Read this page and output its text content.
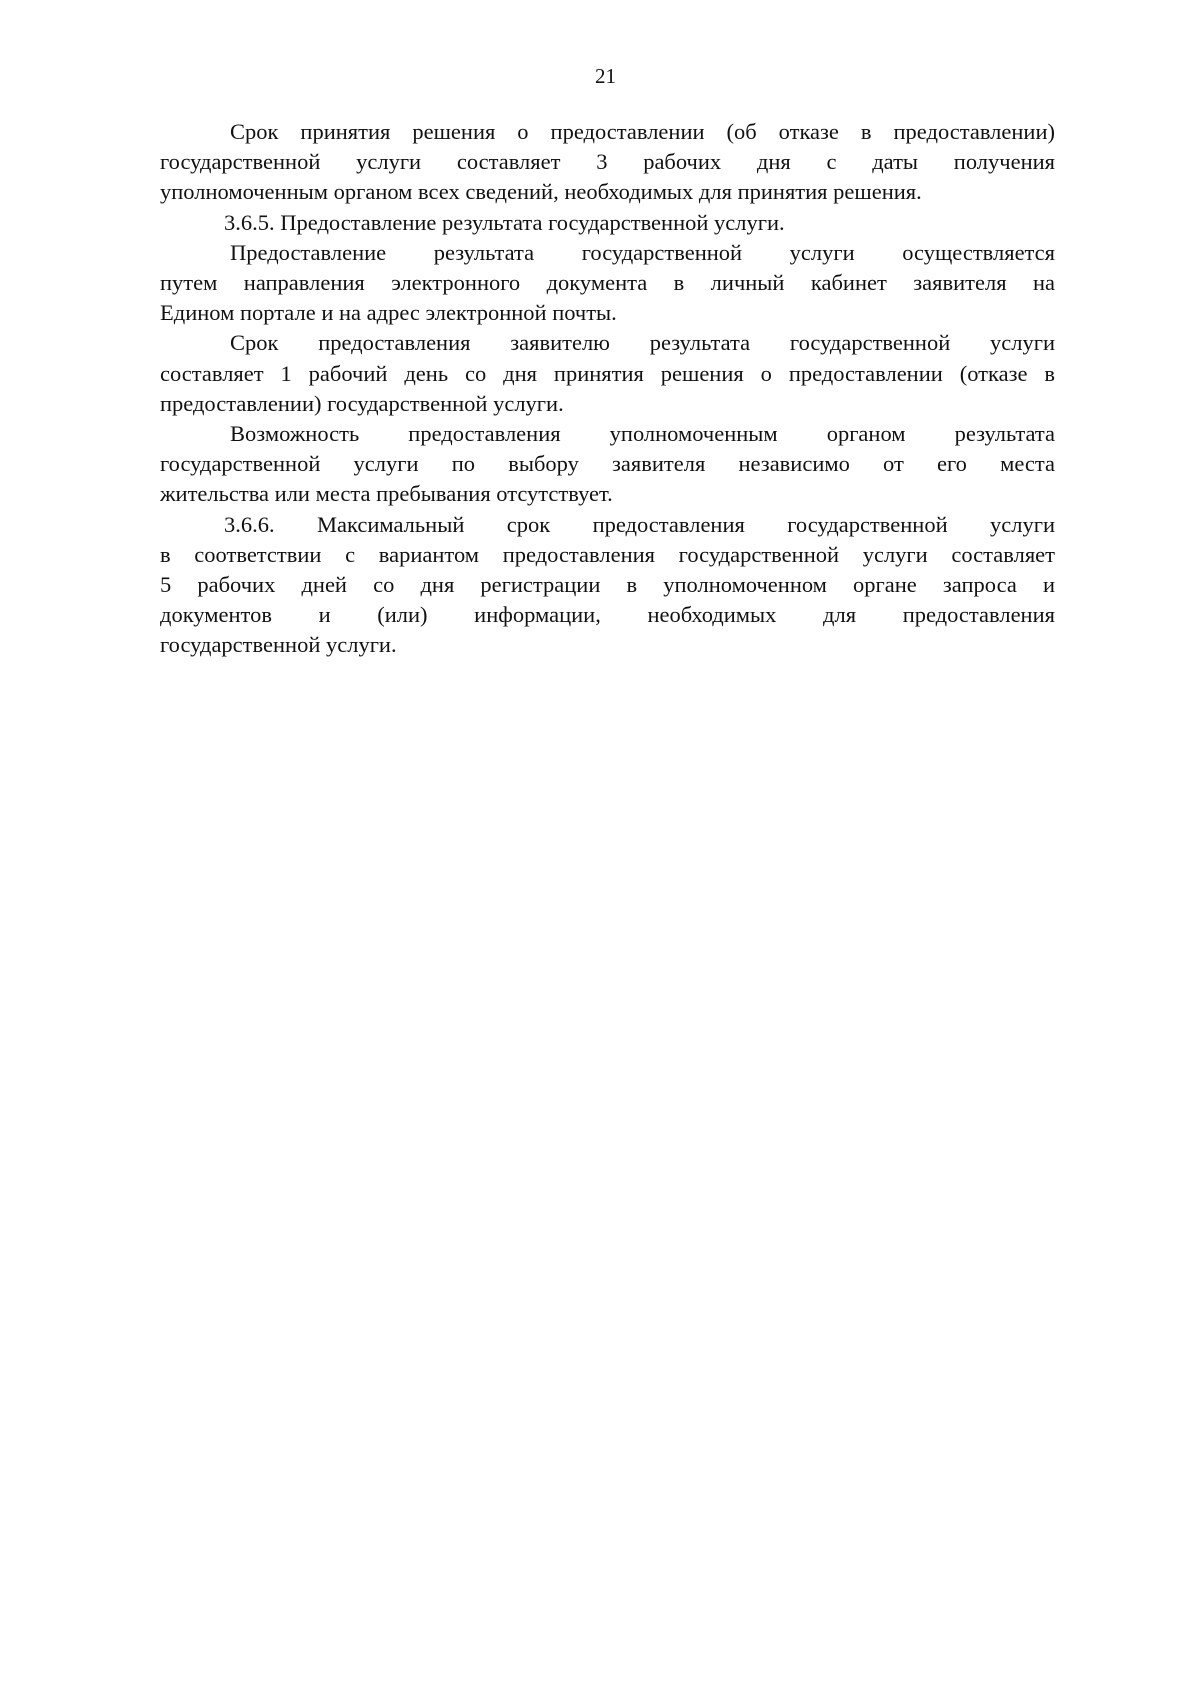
21
Срок принятия решения о предоставлении (об отказе в предоставлении)
государственной услуги составляет 3 рабочих дня с даты получения
уполномоченным органом всех сведений, необходимых для принятия решения.
3.6.5. Предоставление результата государственной услуги.
Предоставление результата государственной услуги осуществляется
путем направления электронного документа в личный кабинет заявителя на
Едином портале и на адрес электронной почты.
Срок предоставления заявителю результата государственной услуги
составляет 1 рабочий день со дня принятия решения о предоставлении (отказе в
предоставлении) государственной услуги.
Возможность предоставления уполномоченным органом результата
государственной услуги по выбору заявителя независимо от его места
жительства или места пребывания отсутствует.
3.6.6. Максимальный срок предоставления государственной услуги
в соответствии с вариантом предоставления государственной услуги составляет
5 рабочих дней со дня регистрации в уполномоченном органе запроса и
документов и (или) информации, необходимых для предоставления
государственной услуги.
